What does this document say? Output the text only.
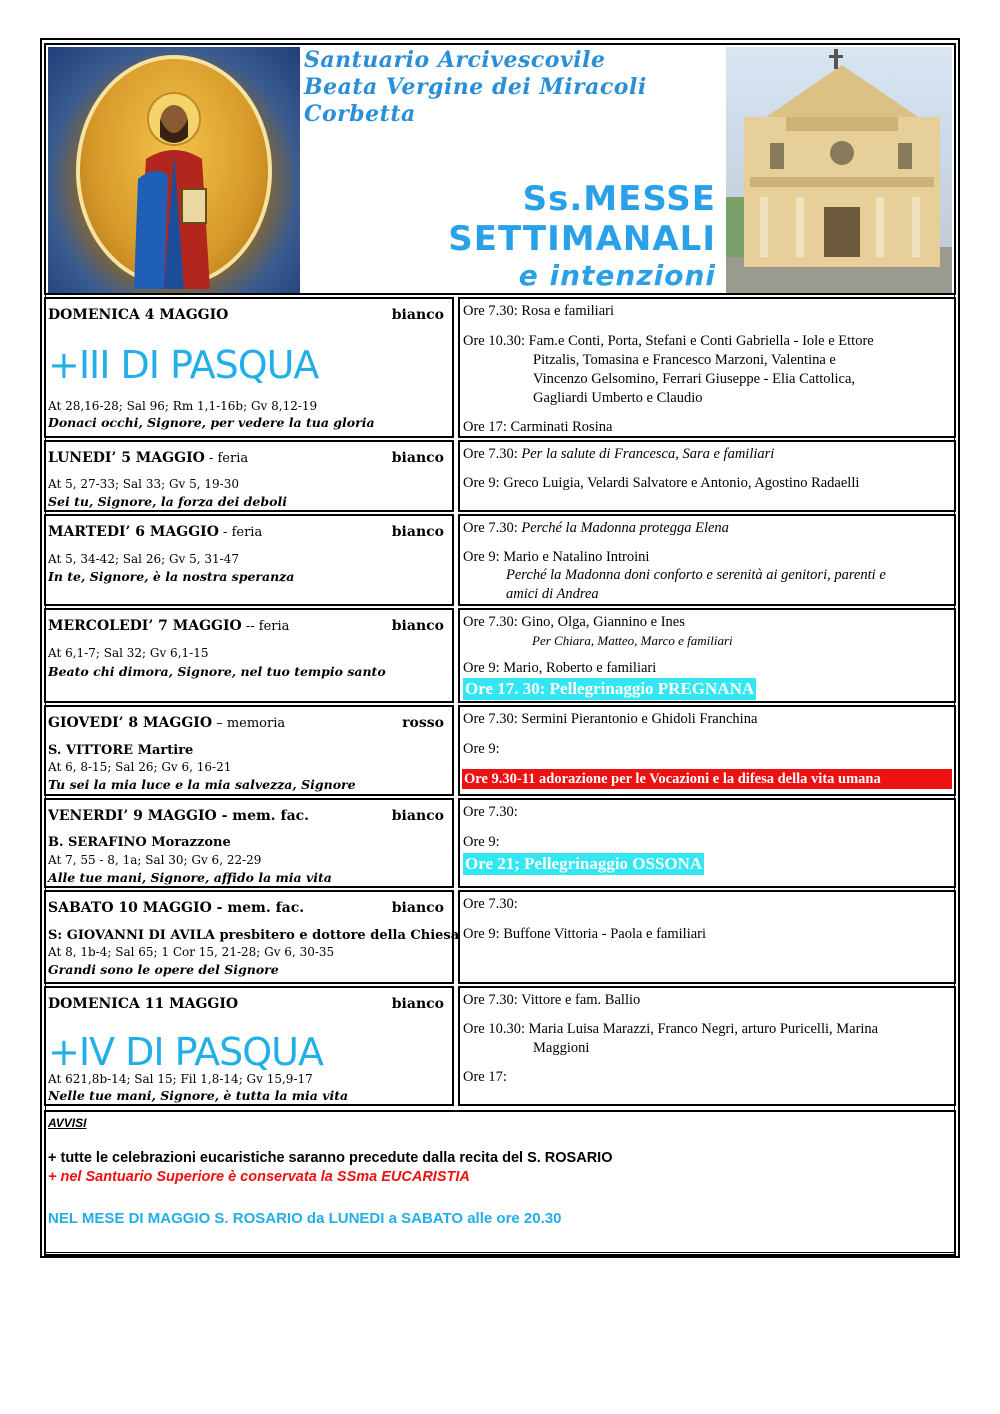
Santuario Arcivescovile
Beata Vergine dei Miracoli
Corbetta
Ss.MESSE
SETTIMANALI
e intenzioni
DOMENICA 4 MAGGIO	bianco
+III DI PASQUA
At 28,16-28; Sal 96; Rm 1,1-16b; Gv 8,12-19
Donaci occhi, Signore, per vedere la tua gloria
Ore 7.30: Rosa e familiari
Ore 10.30: Fam.e Conti, Porta, Stefani e Conti Gabriella - Iole e Ettore
Pitzalis, Tomasina e Francesco Marzoni, Valentina e
Vincenzo Gelsomino, Ferrari Giuseppe - Elia Cattolica,
Gagliardi Umberto e Claudio
Ore 17: Carminati Rosina
LUNEDI’ 5 MAGGIO - feria	bianco
At 5, 27-33; Sal 33; Gv 5, 19-30
Sei tu, Signore, la forza dei deboli
Ore 7.30: Per la salute di Francesca, Sara e familiari
Ore 9: Greco Luigia, Velardi Salvatore e Antonio, Agostino Radaelli
MARTEDI’ 6 MAGGIO - feria	bianco
At 5, 34-42; Sal 26; Gv 5, 31-47
In te, Signore, è la nostra speranza
Ore 7.30: Perché la Madonna protegga Elena
Ore 9: Mario e Natalino Introini
Perché la Madonna doni conforto e serenità ai genitori, parenti e
amici di Andrea
MERCOLEDI’ 7 MAGGIO -- feria	bianco
At 6,1-7; Sal 32; Gv 6,1-15
Beato chi dimora, Signore, nel tuo tempio santo
Ore 7.30: Gino, Olga, Giannino e Ines
Per Chiara, Matteo, Marco e familiari
Ore 9: Mario, Roberto e familiari
Ore 17. 30: Pellegrinaggio PREGNANA
GIOVEDI’ 8 MAGGIO – memoria	rosso
S. VITTORE Martire
At 6, 8-15; Sal 26; Gv 6, 16-21
Tu sei la mia luce e la mia salvezza, Signore
Ore 7.30: Sermini Pierantonio e Ghidoli Franchina
Ore 9:
Ore 9.30-11 adorazione per le Vocazioni e la difesa della vita umana
VENERDI’ 9 MAGGIO - mem. fac.	bianco
B. SERAFINO Morazzone
At 7, 55 - 8, 1a; Sal 30; Gv 6, 22-29
Alle tue mani, Signore, affido la mia vita
Ore 7.30:
Ore 9:
Ore 21; Pellegrinaggio OSSONA
SABATO 10 MAGGIO - mem. fac.	bianco
S: GIOVANNI DI AVILA presbitero e dottore della Chiesa
At 8, 1b-4; Sal 65; 1 Cor 15, 21-28; Gv 6, 30-35
Grandi sono le opere del Signore
Ore 7.30:
Ore 9: Buffone Vittoria - Paola e familiari
DOMENICA 11 MAGGIO	bianco
+IV DI PASQUA
At 621,8b-14; Sal 15; Fil 1,8-14; Gv 15,9-17
Nelle tue mani, Signore, è tutta la mia vita
Ore 7.30: Vittore e fam. Ballio
Ore 10.30: Maria Luisa Marazzi, Franco Negri, arturo Puricelli, Marina
Maggioni
Ore 17:
AVVISI
+ tutte le celebrazioni eucaristiche saranno precedute dalla recita del S. ROSARIO
+ nel Santuario Superiore è conservata la SSma EUCARISTIA
NEL MESE DI MAGGIO S. ROSARIO da LUNEDI a SABATO alle ore 20.30
